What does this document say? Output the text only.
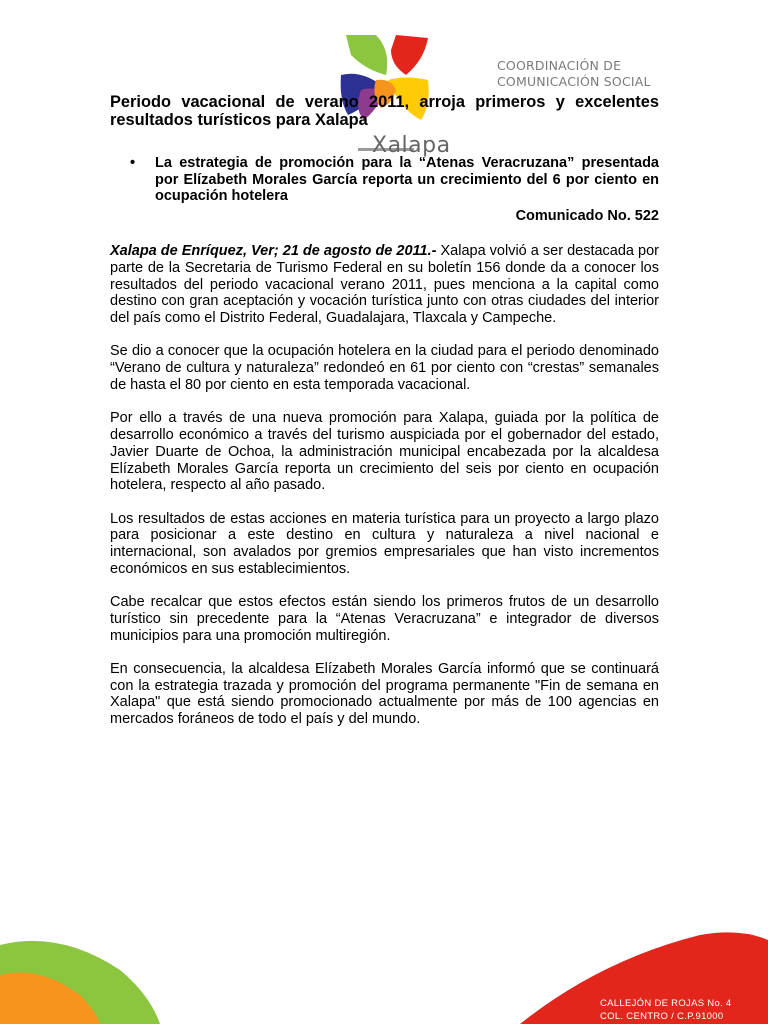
Xalapa
COORDINACIÓN DE
COMUNICACIÓN SOCIAL
Periodo vacacional de verano 2011, arroja primeros y excelentes resultados turísticos para Xalapa
• La estrategia de promoción para la “Atenas Veracruzana” presentada por Elízabeth Morales García reporta un crecimiento del 6 por ciento en ocupación hotelera
Comunicado No. 522

Xalapa de Enríquez, Ver; 21 de agosto de 2011.- Xalapa volvió a ser destacada por parte de la Secretaria de Turismo Federal en su boletín 156 donde da a conocer los resultados del periodo vacacional verano 2011, pues menciona a la capital como destino con gran aceptación y vocación turística junto con otras ciudades del interior del país como el Distrito Federal, Guadalajara, Tlaxcala y Campeche.

Se dio a conocer que la ocupación hotelera en la ciudad para el periodo denominado “Verano de cultura y naturaleza” redondeó en 61 por ciento con “crestas” semanales de hasta el 80 por ciento en esta temporada vacacional.

Por ello a través de una nueva promoción para Xalapa, guiada por la política de desarrollo económico a través del turismo auspiciada por el gobernador del estado, Javier Duarte de Ochoa, la administración municipal encabezada por la alcaldesa Elízabeth Morales García reporta un crecimiento del seis por ciento en ocupación hotelera, respecto al año pasado.

Los resultados de estas acciones en materia turística para un proyecto a largo plazo para posicionar a este destino en cultura y naturaleza a nivel nacional e internacional, son avalados por gremios empresariales que han visto incrementos económicos en sus establecimientos.

Cabe recalcar que estos efectos están siendo los primeros frutos de un desarrollo turístico sin precedente para la “Atenas Veracruzana” e integrador de diversos municipios para una promoción multiregión.

En consecuencia, la alcaldesa Elízabeth Morales García informó que se continuará con la estrategia trazada y promoción del programa permanente "Fin de semana en Xalapa" que está siendo promocionado actualmente por más de 100 agencias en mercados foráneos de todo el país y del mundo.

CALLEJÓN DE ROJAS No. 4
COL. CENTRO / C.P.91000
